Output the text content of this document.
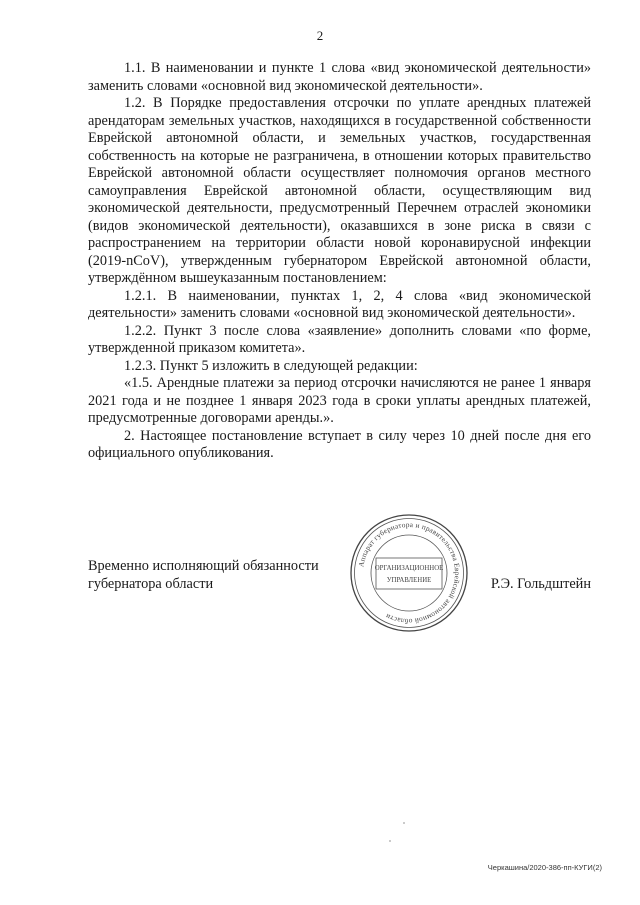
2

1.1. В наименовании и пункте 1 слова «вид экономической деятельности» заменить словами «основной вид экономической деятельности».

1.2. В Порядке предоставления отсрочки по уплате арендных платежей арендаторам земельных участков, находящихся в государственной собственности Еврейской автономной области, и земельных участков, государственная собственность на которые не разграничена, в отношении которых правительство Еврейской автономной области осуществляет полномочия органов местного самоуправления Еврейской автономной области, осуществляющим вид экономической деятельности, предусмотренный Перечнем отраслей экономики (видов экономической деятельности), оказавшихся в зоне риска в связи с распространением на территории области новой коронавирусной инфекции (2019-nCoV), утвержденным губернатором Еврейской автономной области, утверждённом вышеуказанным постановлением:

1.2.1. В наименовании, пунктах 1, 2, 4 слова «вид экономической деятельности» заменить словами «основной вид экономической деятельности».

1.2.2. Пункт 3 после слова «заявление» дополнить словами «по форме, утвержденной приказом комитета».

1.2.3. Пункт 5 изложить в следующей редакции:

«1.5. Арендные платежи за период отсрочки начисляются не ранее 1 января 2021 года и не позднее 1 января 2023 года в сроки уплаты арендных платежей, предусмотренные договорами аренды.».

2. Настоящее постановление вступает в силу через 10 дней после дня его официального опубликования.

Временно исполняющий обязанности губернатора области	Р.Э. Гольдштейн
Аппарат губернатора и правительства Еврейской автономной области
ОРГАНИЗАЦИОННОЕ
УПРАВЛЕНИЕ
Черкашина/2020-386-пп-КУГИ(2)
